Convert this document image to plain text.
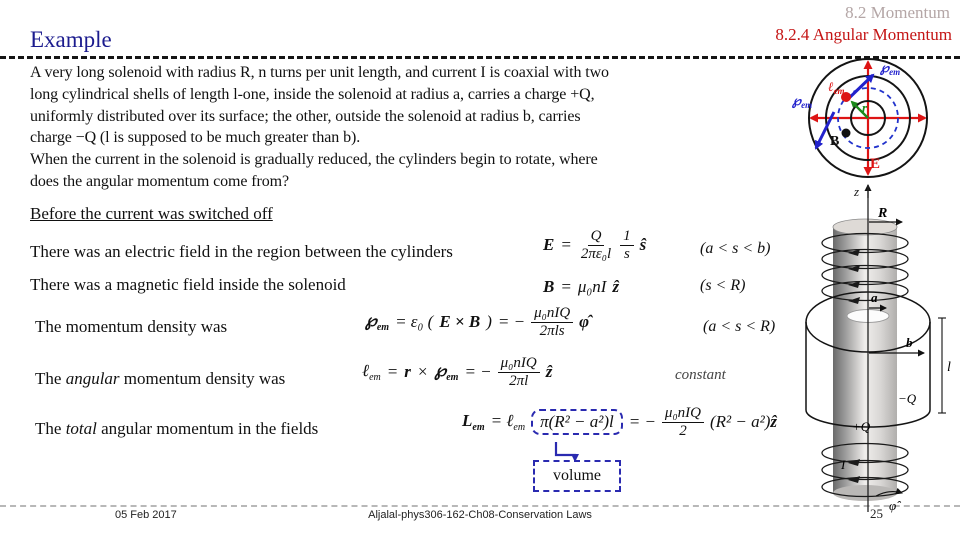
8.2 Momentum
8.2.4 Angular Momentum
Example
A very long solenoid with radius R, n turns per unit length, and current I is coaxial with two
long cylindrical shells of length l-one, inside the solenoid at radius a, carries a charge +Q,
uniformly distributed over its surface; the other, outside the solenoid at radius b, carries
charge −Q (l is supposed to be much greater than b).
When the current in the solenoid is gradually reduced, the cylinders begin to rotate, where
does the angular momentum come from?
Before the current was switched off
There was an electric field in the region between the cylinders
There was a magnetic field inside the solenoid
The momentum density was
The angular momentum density was
The total angular momentum in the fields
$E = \frac{Q}{\text{2πε₀l}} \frac{1}{s}$ ŝ	(a < s < b)
B = μ₀nI ẑ	(s < R)
$℘_{em} = \varepsilon_0$ ( E × B ) = − $\frac{\text{μ₀nIQ}}{\text{2πls}}$ φ̂	(a < s < R)
ℓ$_{em}$ = $r \times ℘_{em}$ = − $\frac{\text{μ₀nIQ}}{2\pi l}$ ẑ	constant
$L_{em}$ = ℓ$_{em}$ π(R² − a²)l = − $\frac{\text{μ₀nIQ}}{2} (R^2$ − a²)ẑ
volume
$℘_{em}$
$℘_{em}$
ℓ$_{em}$
r
B
E
z
R
a
b
l
+Q
−Q
I
φ̂
05 Feb 2017	Aljalal-phys306-162-Ch08-Conservation Laws	25
